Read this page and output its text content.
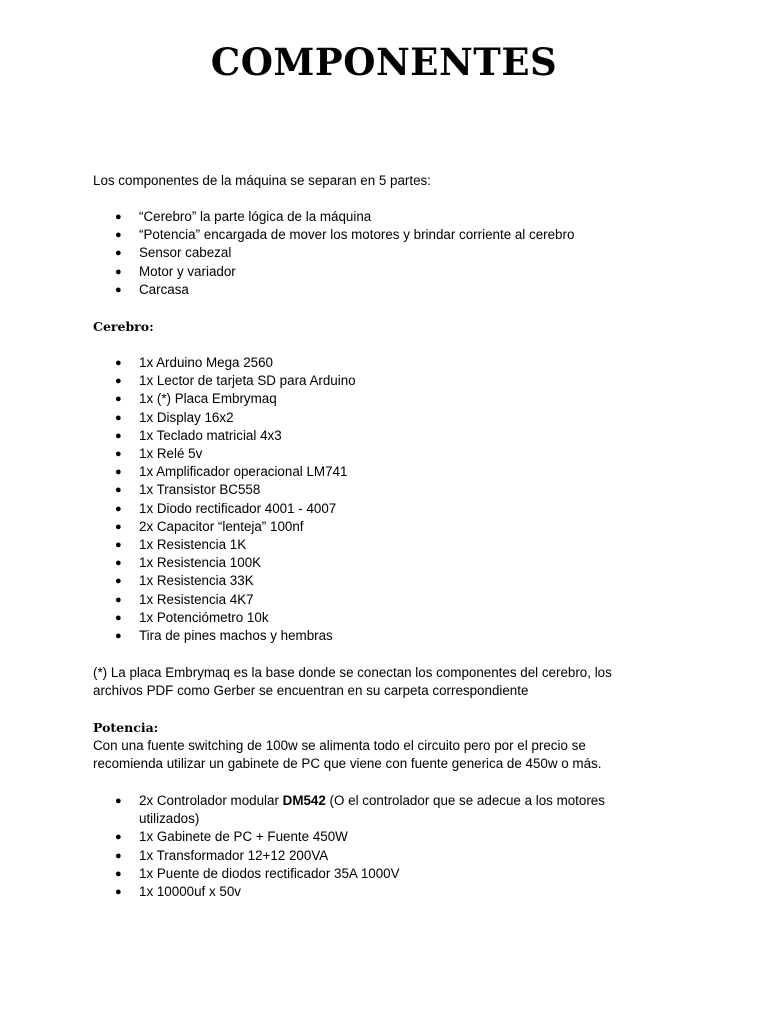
COMPONENTES

Los componentes de la máquina se separan en 5 partes:

● “Cerebro” la parte lógica de la máquina
● “Potencia” encargada de mover los motores y brindar corriente al cerebro
● Sensor cabezal
● Motor y variador
● Carcasa
Cerebro:
● 1x Arduino Mega 2560
● 1x Lector de tarjeta SD para Arduino
● 1x (*) Placa Embrymaq
● 1x Display 16x2
● 1x Teclado matricial 4x3
● 1x Relé 5v
● 1x Amplificador operacional LM741
● 1x Transistor BC558
● 1x Diodo rectificador 4001 - 4007
● 2x Capacitor “lenteja” 100nf
● 1x Resistencia 1K
● 1x Resistencia 100K
● 1x Resistencia 33K
● 1x Resistencia 4K7
● 1x Potenciómetro 10k
● Tira de pines machos y hembras

(*) La placa Embrymaq es la base donde se conectan los componentes del cerebro, los

archivos PDF como Gerber se encuentran en su carpeta correspondiente

Potencia:

Con una fuente switching de 100w se alimenta todo el circuito pero por el precio se

recomienda utilizar un gabinete de PC que viene con fuente generica de 450w o más.

● 2x Controlador modular DM542 (O el controlador que se adecue a los motores utilizados)
● 1x Gabinete de PC + Fuente 450W
● 1x Transformador 12+12 200VA
● 1x Puente de diodos rectificador 35A 1000V
● 1x 10000uf x 50v
